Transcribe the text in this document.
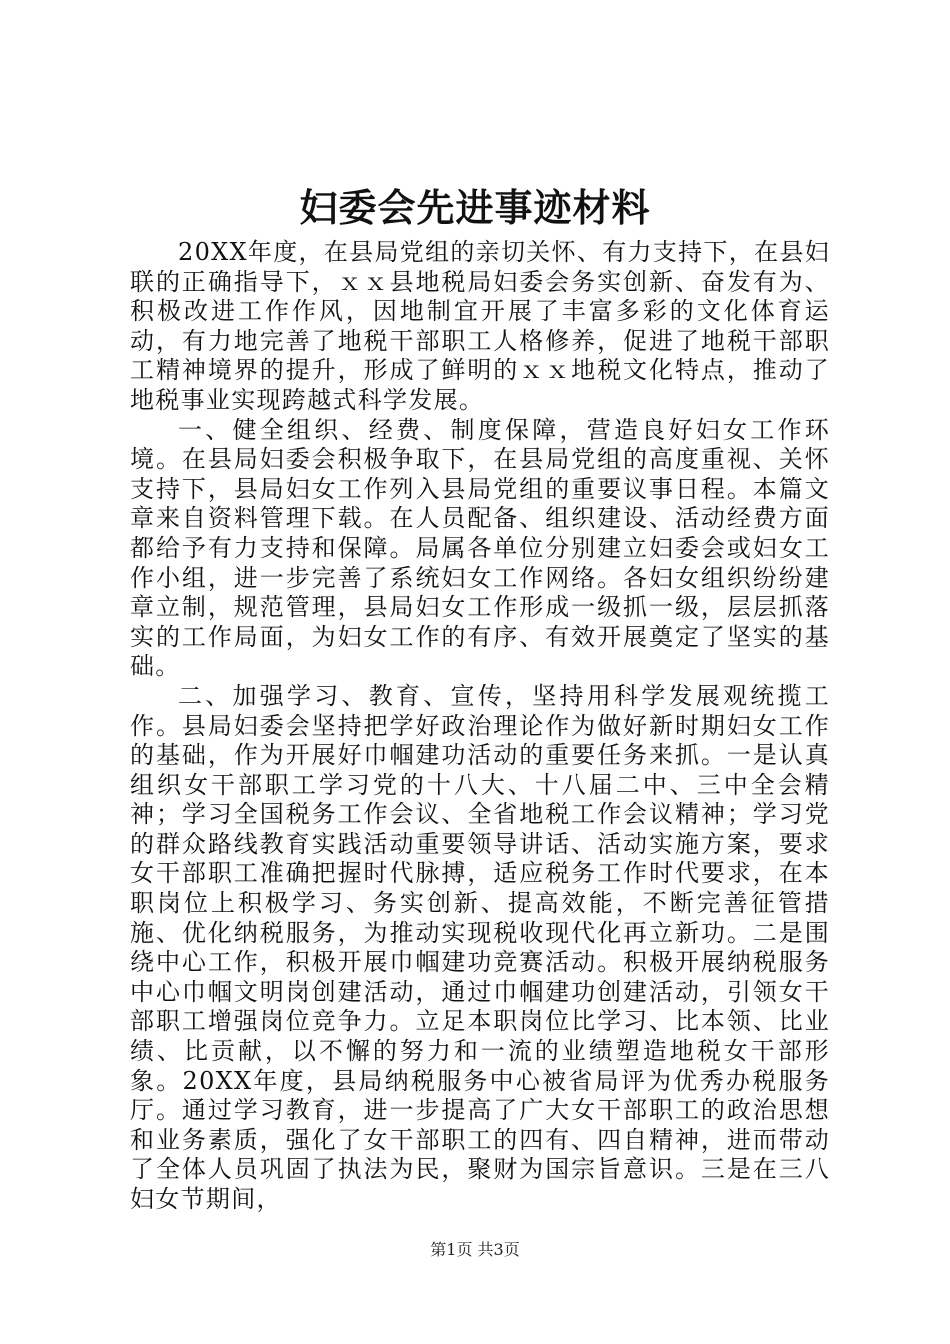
妇委会先进事迹材料

20XX年度，在县局党组的亲切关怀、有力支持下，在县妇联的正确指导下，ｘｘ县地税局妇委会务实创新、奋发有为、积极改进工作作风，因地制宜开展了丰富多彩的文化体育运动，有力地完善了地税干部职工人格修养，促进了地税干部职工精神境界的提升，形成了鲜明的ｘｘ地税文化特点，推动了地税事业实现跨越式科学发展。

一、健全组织、经费、制度保障，营造良好妇女工作环境。在县局妇委会积极争取下，在县局党组的高度重视、关怀支持下，县局妇女工作列入县局党组的重要议事日程。本篇文章来自资料管理下载。在人员配备、组织建设、活动经费方面都给予有力支持和保障。局属各单位分别建立妇委会或妇女工作小组，进一步完善了系统妇女工作网络。各妇女组织纷纷建章立制，规范管理，县局妇女工作形成一级抓一级，层层抓落实的工作局面，为妇女工作的有序、有效开展奠定了坚实的基础。

二、加强学习、教育、宣传，坚持用科学发展观统揽工作。县局妇委会坚持把学好政治理论作为做好新时期妇女工作的基础，作为开展好巾帼建功活动的重要任务来抓。一是认真组织女干部职工学习党的十八大、十八届二中、三中全会精神；学习全国税务工作会议、全省地税工作会议精神；学习党的群众路线教育实践活动重要领导讲话、活动实施方案，要求女干部职工准确把握时代脉搏，适应税务工作时代要求，在本职岗位上积极学习、务实创新、提高效能，不断完善征管措施、优化纳税服务，为推动实现税收现代化再立新功。二是围绕中心工作，积极开展巾帼建功竞赛活动。积极开展纳税服务中心巾帼文明岗创建活动，通过巾帼建功创建活动，引领女干部职工增强岗位竞争力。立足本职岗位比学习、比本领、比业绩、比贡献，以不懈的努力和一流的业绩塑造地税女干部形象。20XX年度，县局纳税服务中心被省局评为优秀办税服务厅。通过学习教育，进一步提高了广大女干部职工的政治思想和业务素质，强化了女干部职工的四有、四自精神，进而带动了全体人员巩固了执法为民，聚财为国宗旨意识。三是在三八妇女节期间，

第1页 共3页
